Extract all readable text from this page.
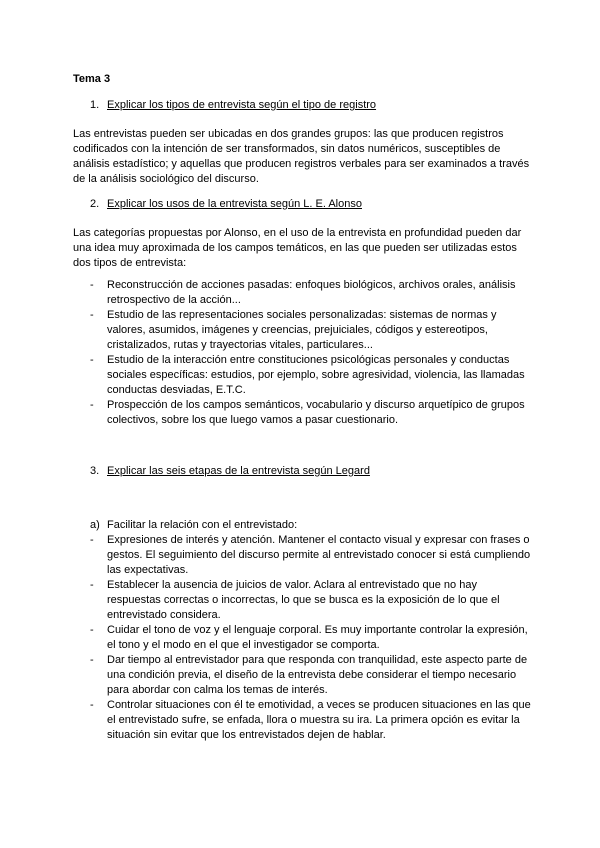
Tema 3
1. Explicar los tipos de entrevista según el tipo de registro

Las entrevistas pueden ser ubicadas en dos grandes grupos: las que producen registros codificados con la intención de ser transformados, sin datos numéricos, susceptibles de análisis estadístico; y aquellas que producen registros verbales para ser examinados a través de la análisis sociológico del discurso.

2. Explicar los usos de la entrevista según L. E. Alonso

Las categorías propuestas por Alonso, en el uso de la entrevista en profundidad pueden dar una idea muy aproximada de los campos temáticos, en las que pueden ser utilizadas estos dos tipos de entrevista:

- Reconstrucción de acciones pasadas: enfoques biológicos, archivos orales, análisis retrospectivo de la acción...
- Estudio de las representaciones sociales personalizadas: sistemas de normas y valores, asumidos, imágenes y creencias, prejuiciales, códigos y estereotipos, cristalizados, rutas y trayectorias vitales, particulares...
- Estudio de la interacción entre constituciones psicológicas personales y conductas sociales específicas: estudios, por ejemplo, sobre agresividad, violencia, las llamadas conductas desviadas, E.T.C.
- Prospección de los campos semánticos, vocabulario y discurso arquetípico de grupos colectivos, sobre los que luego vamos a pasar cuestionario.
3. Explicar las seis etapas de la entrevista según Legard
a) Facilitar la relación con el entrevistado:
- Expresiones de interés y atención. Mantener el contacto visual y expresar con frases o gestos. El seguimiento del discurso permite al entrevistado conocer si está cumpliendo las expectativas.
- Establecer la ausencia de juicios de valor. Aclara al entrevistado que no hay respuestas correctas o incorrectas, lo que se busca es la exposición de lo que el entrevistado considera.
- Cuidar el tono de voz y el lenguaje corporal. Es muy importante controlar la expresión, el tono y el modo en el que el investigador se comporta.
- Dar tiempo al entrevistador para que responda con tranquilidad, este aspecto parte de una condición previa, el diseño de la entrevista debe considerar el tiempo necesario para abordar con calma los temas de interés.
- Controlar situaciones con él te emotividad, a veces se producen situaciones en las que el entrevistado sufre, se enfada, llora o muestra su ira. La primera opción es evitar la situación sin evitar que los entrevistados dejen de hablar.
